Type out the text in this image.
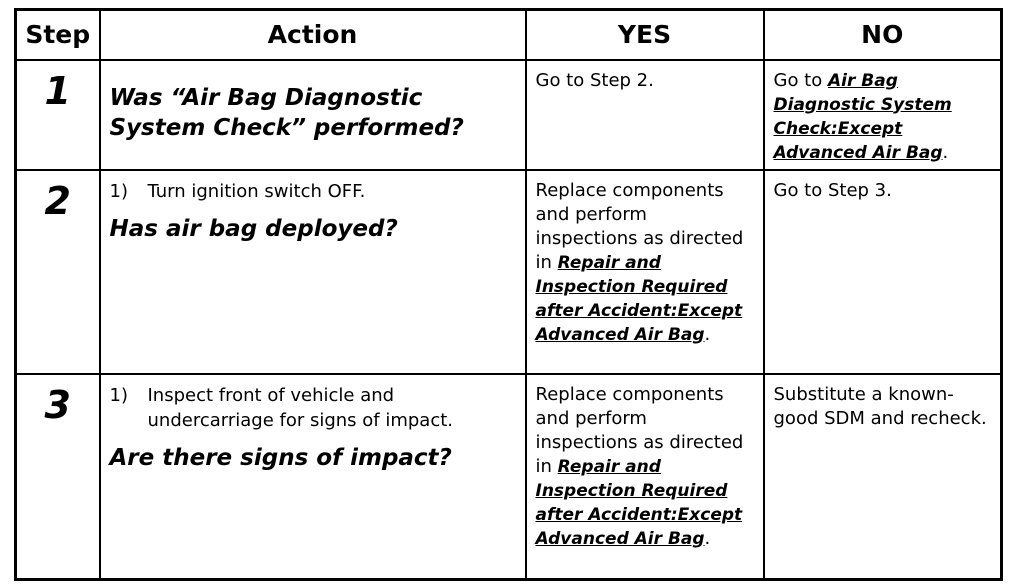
Step	Action	YES	NO

1	Was “Air Bag Diagnostic System Check” performed?	Go to Step 2.	Go to Air Bag Diagnostic System Check:Except Advanced Air Bag.

2	1) Turn ignition switch OFF.
Has air bag deployed?	Replace components and perform inspections as directed in Repair and Inspection Required after Accident:Except Advanced Air Bag.	Go to Step 3.

3	1) Inspect front of vehicle and undercarriage for signs of impact.
Are there signs of impact?	Replace components and perform inspections as directed in Repair and Inspection Required after Accident:Except Advanced Air Bag.	Substitute a known-good SDM and recheck.
